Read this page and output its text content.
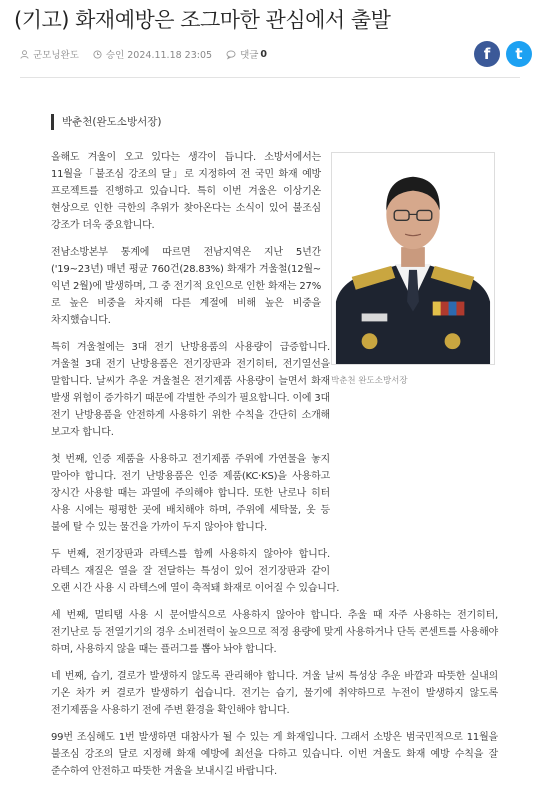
(기고) 화재예방은 조그마한 관심에서 출발
군모닝완도	승인 2024.11.18 23:05	댓글 0	f t
박춘천(완도소방서장)
박춘천 완도소방서장

올해도 겨울이 오고 있다는 생각이 듭니다. 소방서에서는 11월을「불조심 강조의 달」로 지정하여 전 국민 화재 예방 프로젝트를 진행하고 있습니다. 특히 이번 겨울은 이상기온 현상으로 인한 극한의 추위가 찾아온다는 소식이 있어 불조심 강조가 더욱 중요합니다.

전남소방본부 통계에 따르면 전남지역은 지난 5년간('19~23년) 매년 평균 760건(28.83%) 화재가 겨울철(12월~익년 2월)에 발생하며, 그 중 전기적 요인으로 인한 화재는 27%로 높은 비중을 차지해 다른 계절에 비해 높은 비중을 차지했습니다.

특히 겨울철에는 3대 전기 난방용품의 사용량이 급증합니다. 겨울철 3대 전기 난방용품은 전기장판과 전기히터, 전기열선을 말합니다. 날씨가 추운 겨울철은 전기제품 사용량이 늘면서 화재 발생 위험이 증가하기 때문에 각별한 주의가 필요합니다. 이에 3대 전기 난방용품을 안전하게 사용하기 위한 수칙을 간단히 소개해 보고자 합니다.

첫 번째, 인증 제품을 사용하고 전기제품 주위에 가연물을 놓지 말아야 합니다. 전기 난방용품은 인증 제품(KC·KS)을 사용하고 장시간 사용할 때는 과열에 주의해야 합니다. 또한 난로나 히터 사용 시에는 평평한 곳에 배치해야 하며, 주위에 세탁물, 옷 등 불에 탈 수 있는 물건을 가까이 두지 않아야 합니다.

두 번째, 전기장판과 라텍스를 함께 사용하지 않아야 합니다. 라텍스 재질은 열을 잘 전달하는 특성이 있어 전기장판과 같이 오랜 시간 사용 시 라텍스에 열이 축적돼 화재로 이어질 수 있습니다.

세 번째, 멀티탭 사용 시 문어발식으로 사용하지 않아야 합니다. 추울 때 자주 사용하는 전기히터, 전기난로 등 전열기기의 경우 소비전력이 높으므로 적정 용량에 맞게 사용하거나 단독 콘센트를 사용해야 하며, 사용하지 않을 때는 플러그를 뽑아 놔야 합니다.

네 번째, 습기, 결로가 발생하지 않도록 관리해야 합니다. 겨울 날씨 특성상 추운 바깥과 따뜻한 실내의 기온 차가 커 결로가 발생하기 쉽습니다. 전기는 습기, 물기에 취약하므로 누전이 발생하지 않도록 전기제품을 사용하기 전에 주변 환경을 확인해야 합니다.

99번 조심해도 1번 발생하면 대참사가 될 수 있는 게 화재입니다. 그래서 소방은 범국민적으로 11월을 불조심 강조의 달로 지정해 화재 예방에 최선을 다하고 있습니다. 이번 겨울도 화재 예방 수칙을 잘 준수하여 안전하고 따뜻한 겨울을 보내시길 바랍니다.
